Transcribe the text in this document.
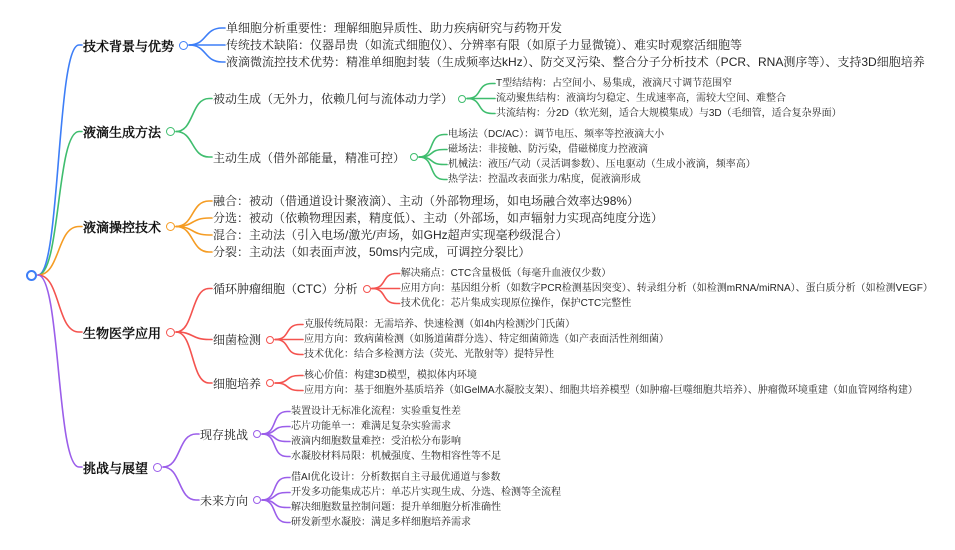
技术背景与优势
单细胞分析重要性：理解细胞异质性、助力疾病研究与药物开发
传统技术缺陷：仪器昂贵（如流式细胞仪）、分辨率有限（如原子力显微镜）、难实时观察活细胞等
液滴微流控技术优势：精准单细胞封装（生成频率达kHz）、防交叉污染、整合分子分析技术（PCR、RNA测序等）、支持3D细胞培养
液滴生成方法
被动生成（无外力，依赖几何与流体动力学）
T型结结构：占空间小、易集成，液滴尺寸调节范围窄
流动聚焦结构：液滴均匀稳定、生成速率高，需较大空间、难整合
共流结构：分2D（软光刻，适合大规模集成）与3D（毛细管，适合复杂界面）
主动生成（借外部能量，精准可控）
电场法（DC/AC）：调节电压、频率等控液滴大小
磁场法：非接触、防污染，借磁梯度力控液滴
机械法：液压/气动（灵活调参数）、压电驱动（生成小液滴，频率高）
热学法：控温改表面张力/粘度，促液滴形成
液滴操控技术
融合：被动（借通道设计聚液滴）、主动（外部物理场，如电场融合效率达98%）
分选：被动（依赖物理因素，精度低）、主动（外部场，如声辐射力实现高纯度分选）
混合：主动法（引入电场/激光/声场，如GHz超声实现毫秒级混合）
分裂：主动法（如表面声波，50ms内完成，可调控分裂比）
生物医学应用
循环肿瘤细胞（CTC）分析
解决痛点：CTC含量极低（每毫升血液仅少数）
应用方向：基因组分析（如数字PCR检测基因突变）、转录组分析（如检测mRNA/miRNA）、蛋白质分析（如检测VEGF）
技术优化：芯片集成实现原位操作，保护CTC完整性
细菌检测
克服传统局限：无需培养、快速检测（如4h内检测沙门氏菌）
应用方向：致病菌检测（如肠道菌群分选）、特定细菌筛选（如产表面活性剂细菌）
技术优化：结合多检测方法（荧光、光散射等）提特异性
细胞培养
核心价值：构建3D模型，模拟体内环境
应用方向：基于细胞外基质培养（如GelMA水凝胶支架）、细胞共培养模型（如肿瘤-巨噬细胞共培养）、肿瘤微环境重建（如血管网络构建）
挑战与展望
现存挑战
装置设计无标准化流程：实验重复性差
芯片功能单一：难满足复杂实验需求
液滴内细胞数量难控：受泊松分布影响
水凝胶材料局限：机械强度、生物相容性等不足
未来方向
借AI优化设计：分析数据自主寻最优通道与参数
开发多功能集成芯片：单芯片实现生成、分选、检测等全流程
解决细胞数量控制问题：提升单细胞分析准确性
研发新型水凝胶：满足多样细胞培养需求
